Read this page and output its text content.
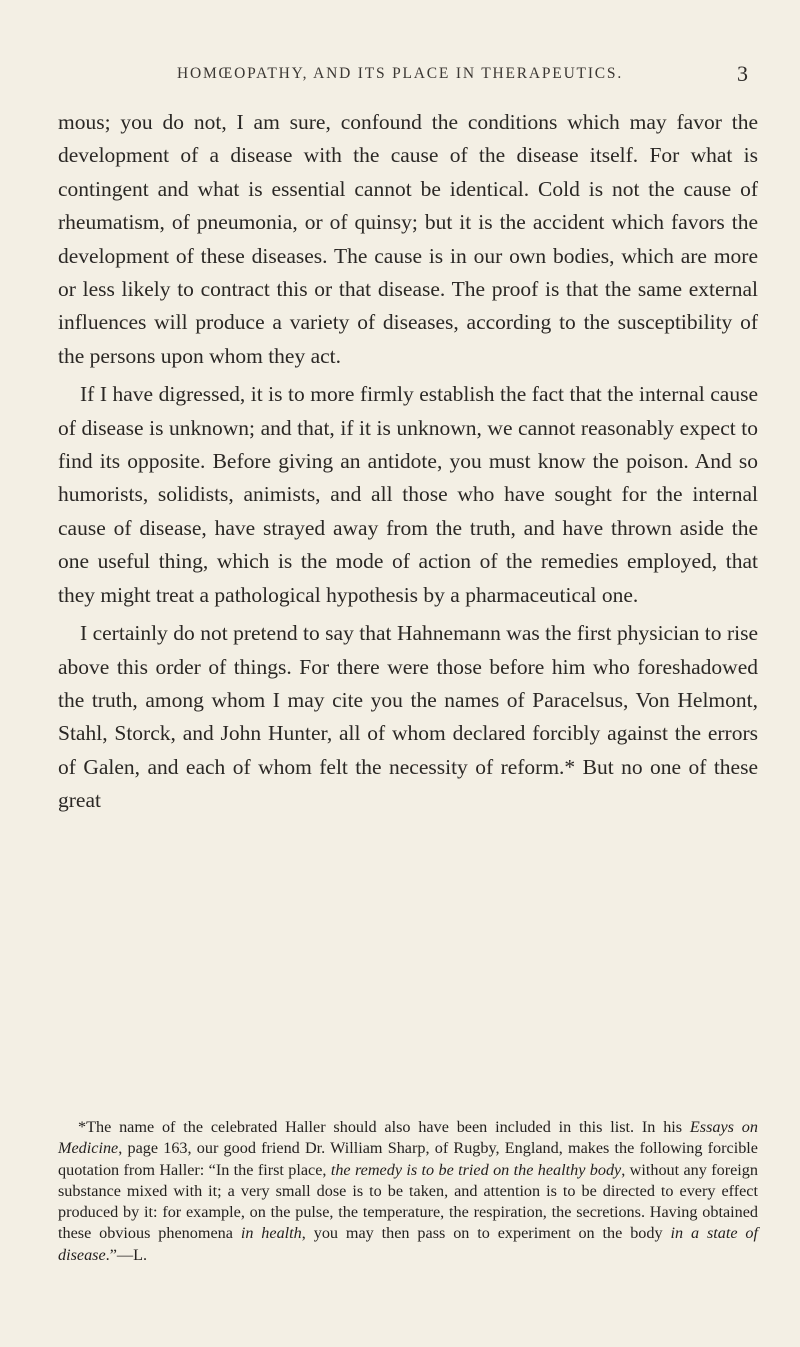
HOMŒOPATHY, AND ITS PLACE IN THERAPEUTICS.	3

mous; you do not, I am sure, confound the conditions which may favor the development of a disease with the cause of the disease itself. For what is contingent and what is essential cannot be identical. Cold is not the cause of rheumatism, of pneumonia, or of quinsy; but it is the accident which favors the development of these diseases. The cause is in our own bodies, which are more or less likely to contract this or that disease. The proof is that the same external influences will produce a variety of diseases, according to the susceptibility of the persons upon whom they act.

If I have digressed, it is to more firmly establish the fact that the internal cause of disease is unknown; and that, if it is unknown, we cannot reasonably expect to find its opposite. Before giving an antidote, you must know the poison. And so humorists, solidists, animists, and all those who have sought for the internal cause of disease, have strayed away from the truth, and have thrown aside the one useful thing, which is the mode of action of the remedies employed, that they might treat a pathological hypothesis by a pharmaceutical one.

I certainly do not pretend to say that Hahnemann was the first physician to rise above this order of things. For there were those before him who foreshadowed the truth, among whom I may cite you the names of Paracelsus, Von Helmont, Stahl, Storck, and John Hunter, all of whom declared forcibly against the errors of Galen, and each of whom felt the necessity of reform.* But no one of these great

*The name of the celebrated Haller should also have been included in this list. In his Essays on Medicine, page 163, our good friend Dr. William Sharp, of Rugby, England, makes the following forcible quotation from Haller: “In the first place, the remedy is to be tried on the healthy body, without any foreign substance mixed with it; a very small dose is to be taken, and attention is to be directed to every effect produced by it: for example, on the pulse, the temperature, the respiration, the secretions. Having obtained these obvious phenomena in health, you may then pass on to experiment on the body in a state of disease.”—L.
